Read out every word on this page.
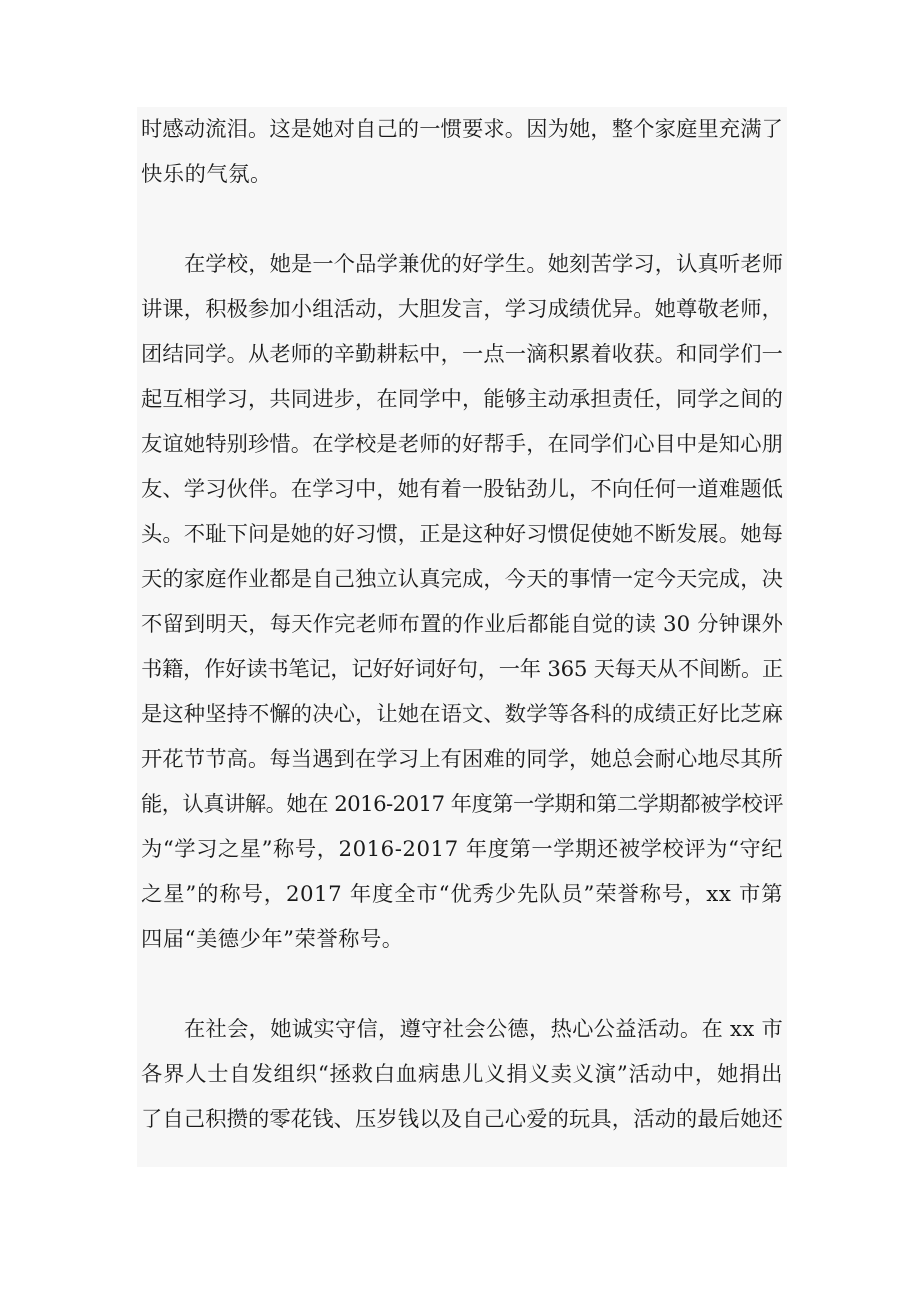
时感动流泪。这是她对自己的一惯要求。因为她，整个家庭里充满了
快乐的气氛。
在学校，她是一个品学兼优的好学生。她刻苦学习，认真听老师
讲课，积极参加小组活动，大胆发言，学习成绩优异。她尊敬老师，
团结同学。从老师的辛勤耕耘中，一点一滴积累着收获。和同学们一
起互相学习，共同进步，在同学中，能够主动承担责任，同学之间的
友谊她特别珍惜。在学校是老师的好帮手，在同学们心目中是知心朋
友、学习伙伴。在学习中，她有着一股钻劲儿，不向任何一道难题低
头。不耻下问是她的好习惯，正是这种好习惯促使她不断发展。她每
天的家庭作业都是自己独立认真完成，今天的事情一定今天完成，决
不留到明天，每天作完老师布置的作业后都能自觉的读 30 分钟课外
书籍，作好读书笔记，记好好词好句，一年 365 天每天从不间断。正
是这种坚持不懈的决心，让她在语文、数学等各科的成绩正好比芝麻
开花节节高。每当遇到在学习上有困难的同学，她总会耐心地尽其所
能，认真讲解。她在 2016-2017 年度第一学期和第二学期都被学校评
为“学习之星”称号，2016-2017 年度第一学期还被学校评为“守纪
之星”的称号，2017 年度全市“优秀少先队员”荣誉称号，xx 市第
四届“美德少年”荣誉称号。
在社会，她诚实守信，遵守社会公德，热心公益活动。在 xx 市
各界人士自发组织“拯救白血病患儿义捐义卖义演”活动中，她捐出
了自己积攒的零花钱、压岁钱以及自己心爱的玩具，活动的最后她还
